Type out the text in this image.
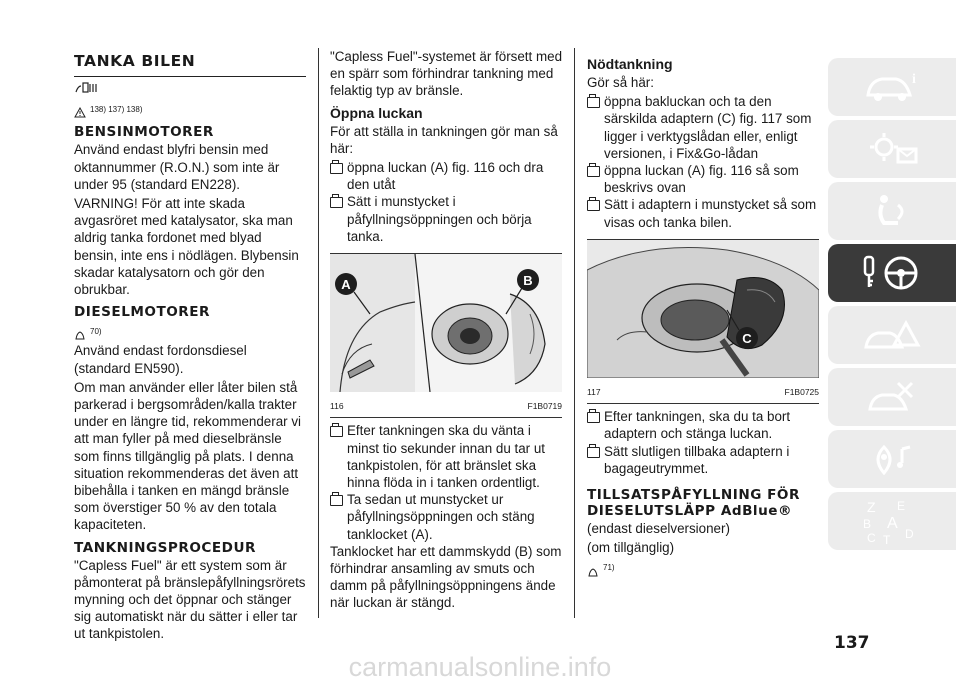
TANKA BILEN
138) 137) 138)
BENSINMOTORER

Använd endast blyfri bensin med oktannummer (R.O.N.) som inte är under 95 (standard EN228).

VARNING! För att inte skada avgasröret med katalysator, ska man aldrig tanka fordonet med blyad bensin, inte ens i nödlägen. Blybensin skadar katalysatorn och gör den obrukbar.

DIESELMOTORER
70)

Använd endast fordonsdiesel (standard EN590).

Om man använder eller låter bilen stå parkerad i bergsområden/kalla trakter under en längre tid, rekommenderar vi att man fyller på med dieselbränsle som finns tillgänglig på plats. I denna situation rekommenderas det även att bibehålla i tanken en mängd bränsle som överstiger 50 % av den totala kapaciteten.

TANKNINGSPROCEDUR

"Capless Fuel" är ett system som är påmonterat på bränslepåfyllningsrörets mynning och det öppnar och stänger sig automatiskt när du sätter i eller tar ut tankpistolen.

"Capless Fuel"-systemet är försett med en spärr som förhindrar tankning med felaktig typ av bränsle.

Öppna luckan

För att ställa in tankningen gör man så här:

öppna luckan (A) fig. 116 och dra den utåt
Sätt i munstycket i påfyllningsöppningen och börja tanka.
A	B
116	F1B0719
Efter tankningen ska du vänta i minst tio sekunder innan du tar ut tankpistolen, för att bränslet ska hinna flöda in i tanken ordentligt.
Ta sedan ut munstycket ur påfyllningsöppningen och stäng tanklocket (A).

Tanklocket har ett dammskydd (B) som förhindrar ansamling av smuts och damm på påfyllningsöppningens ände när luckan är stängd.

Nödtankning

Gör så här:

öppna bakluckan och ta den särskilda adaptern (C) fig. 117 som ligger i verktygslådan eller, enligt versionen, i Fix&Go-lådan
öppna luckan (A) fig. 116 så som beskrivs ovan
Sätt i adaptern i munstycket så som visas och tanka bilen.
C
117	F1B0725
Efter tankningen, ska du ta bort adaptern och stänga luckan.
Sätt slutligen tillbaka adaptern i bagageutrymmet.
TILLSATSPÅFYLLNING FÖR DIESELUTSLÄPP AdBlue®

(endast dieselversioner)

(om tillgänglig)

71)
i
Z E
B A
C T D
137
carmanualsonline.info
